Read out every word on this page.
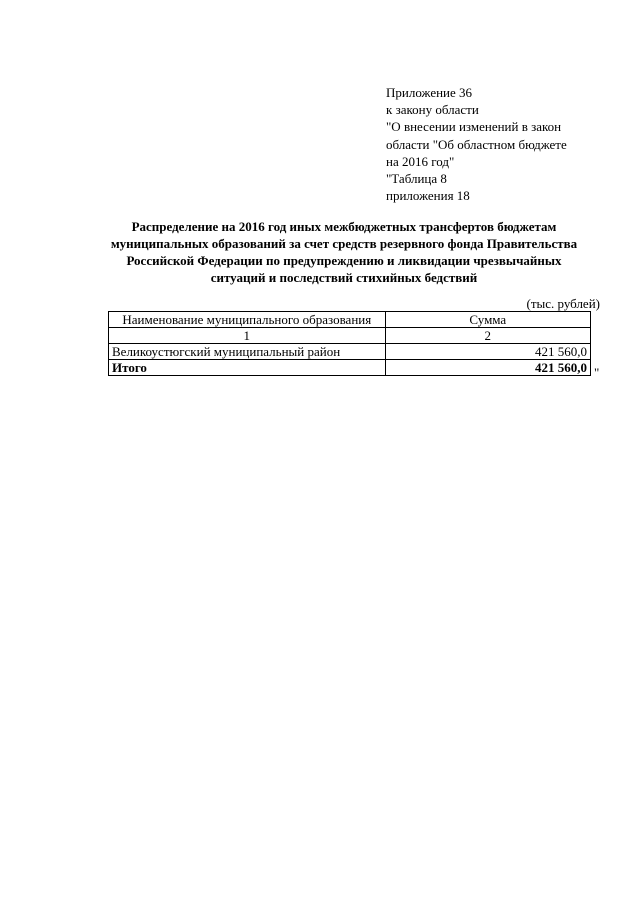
Приложение 36
к закону области
"О внесении изменений в закон
области "Об областном бюджете
на 2016 год"
"Таблица 8
приложения 18
Распределение на 2016 год иных межбюджетных трансфертов бюджетам
муниципальных образований за счет средств резервного фонда Правительства
Российской Федерации по предупреждению и ликвидации чрезвычайных
ситуаций и последствий стихийных бедствий
(тыс. рублей)
Наименование муниципального образования	Сумма
1	2
Великоустюгский муниципальный район	421 560,0
Итого	421 560,0 "
